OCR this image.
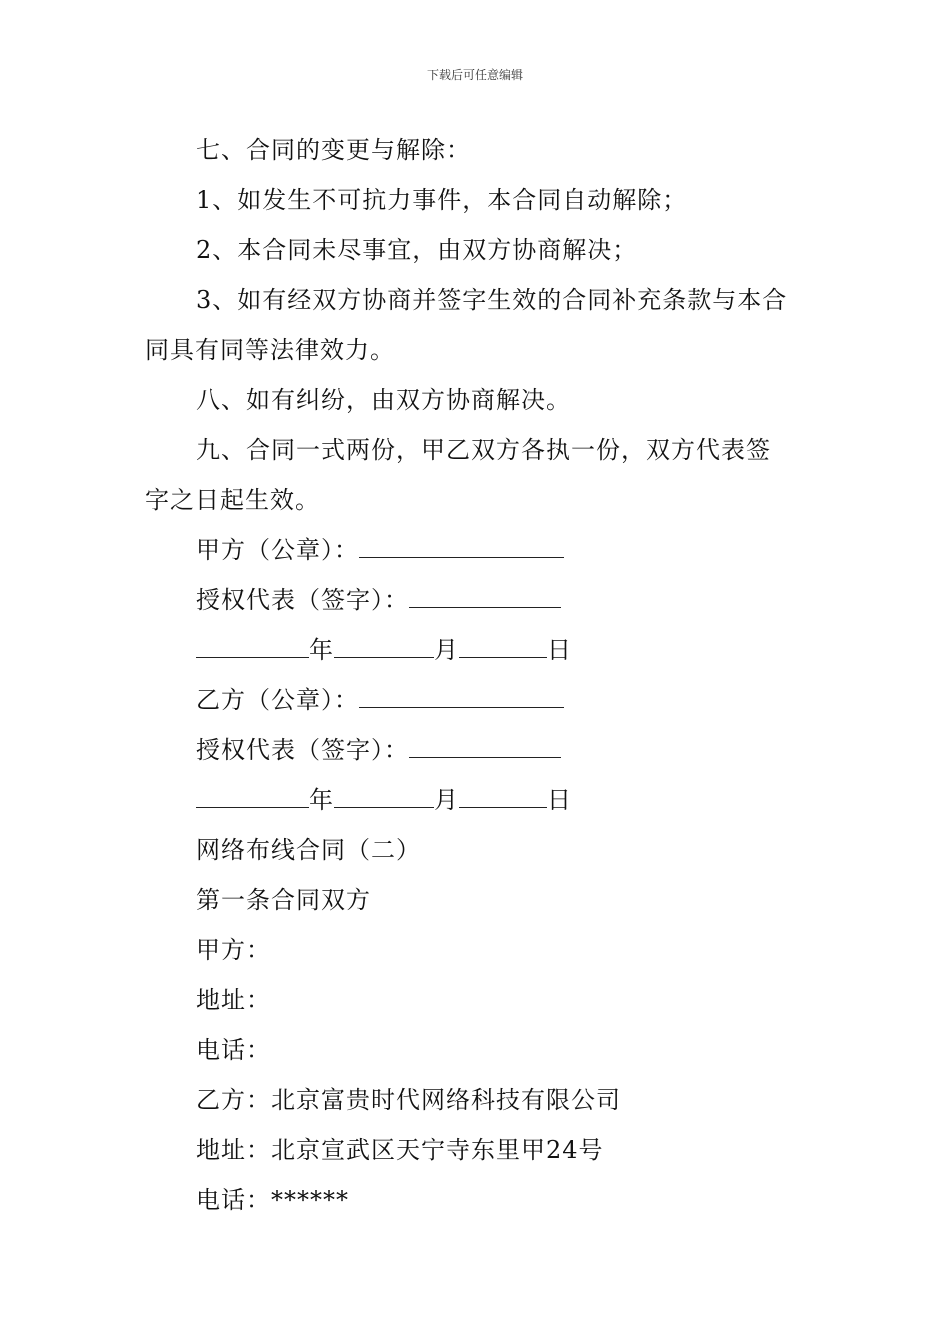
下载后可任意编辑
七、合同的变更与解除：
1、如发生不可抗力事件，本合同自动解除；
2、本合同未尽事宜，由双方协商解决；
3、如有经双方协商并签字生效的合同补充条款与本合
同具有同等法律效力。
八、如有纠纷，由双方协商解决。
九、合同一式两份，甲乙双方各执一份，双方代表签
字之日起生效。
甲方（公章）：
授权代表（签字）：
年	月	日
乙方（公章）：
授权代表（签字）：
年	月	日
网络布线合同（二）
第一条合同双方
甲方：
地址：
电话：
乙方：北京富贵时代网络科技有限公司
地址：北京宣武区天宁寺东里甲24号
电话：******
